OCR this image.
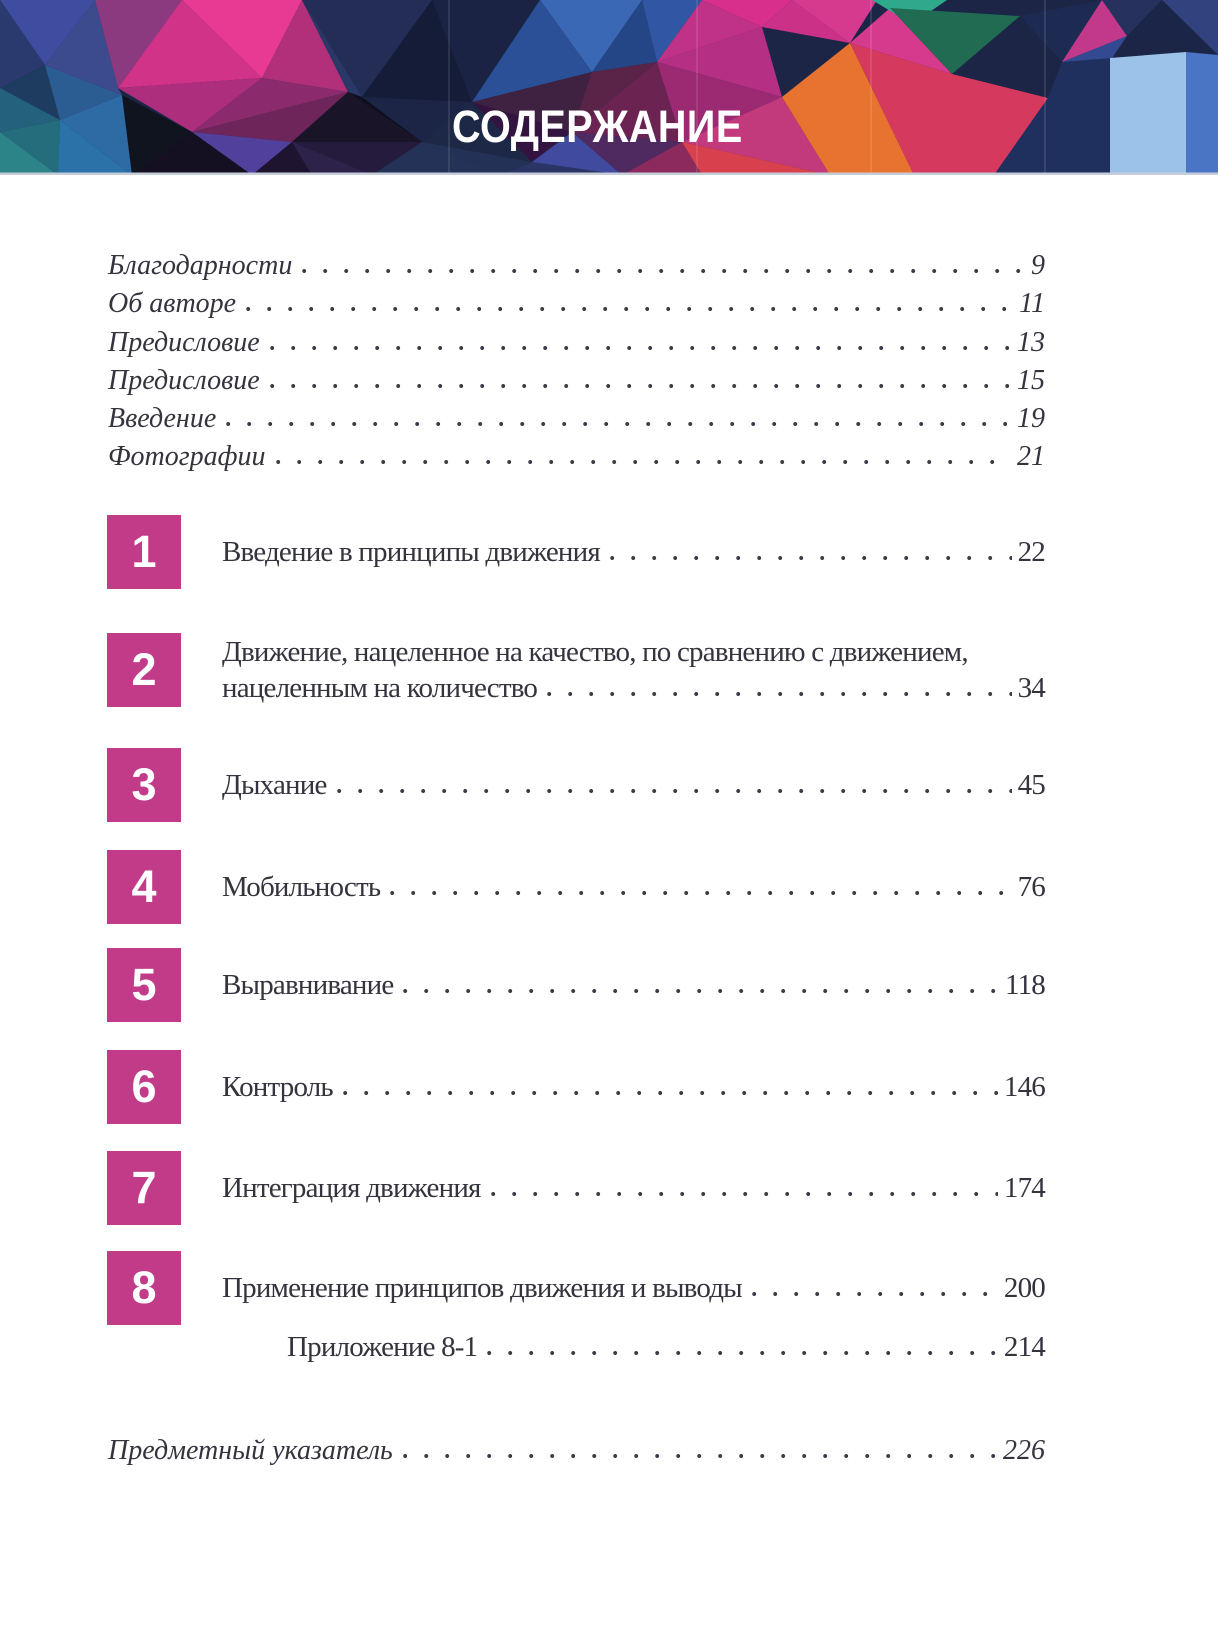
СОДЕРЖАНИЕ
Благодарности	9
Об авторе	11
Предисловие	13
Предисловие	15
Введение	19
Фотографии	21
1	Введение в принципы движения	22
2	Движение, нацеленное на качество, по сравнению с движением,
нацеленным на количество	34
3	Дыхание	45
4	Мобильность	76
5	Выравнивание	118
6	Контроль	146
7	Интеграция движения	174
8	Применение принципов движения и выводы	200
Приложение 8-1	214
Предметный указатель	226
